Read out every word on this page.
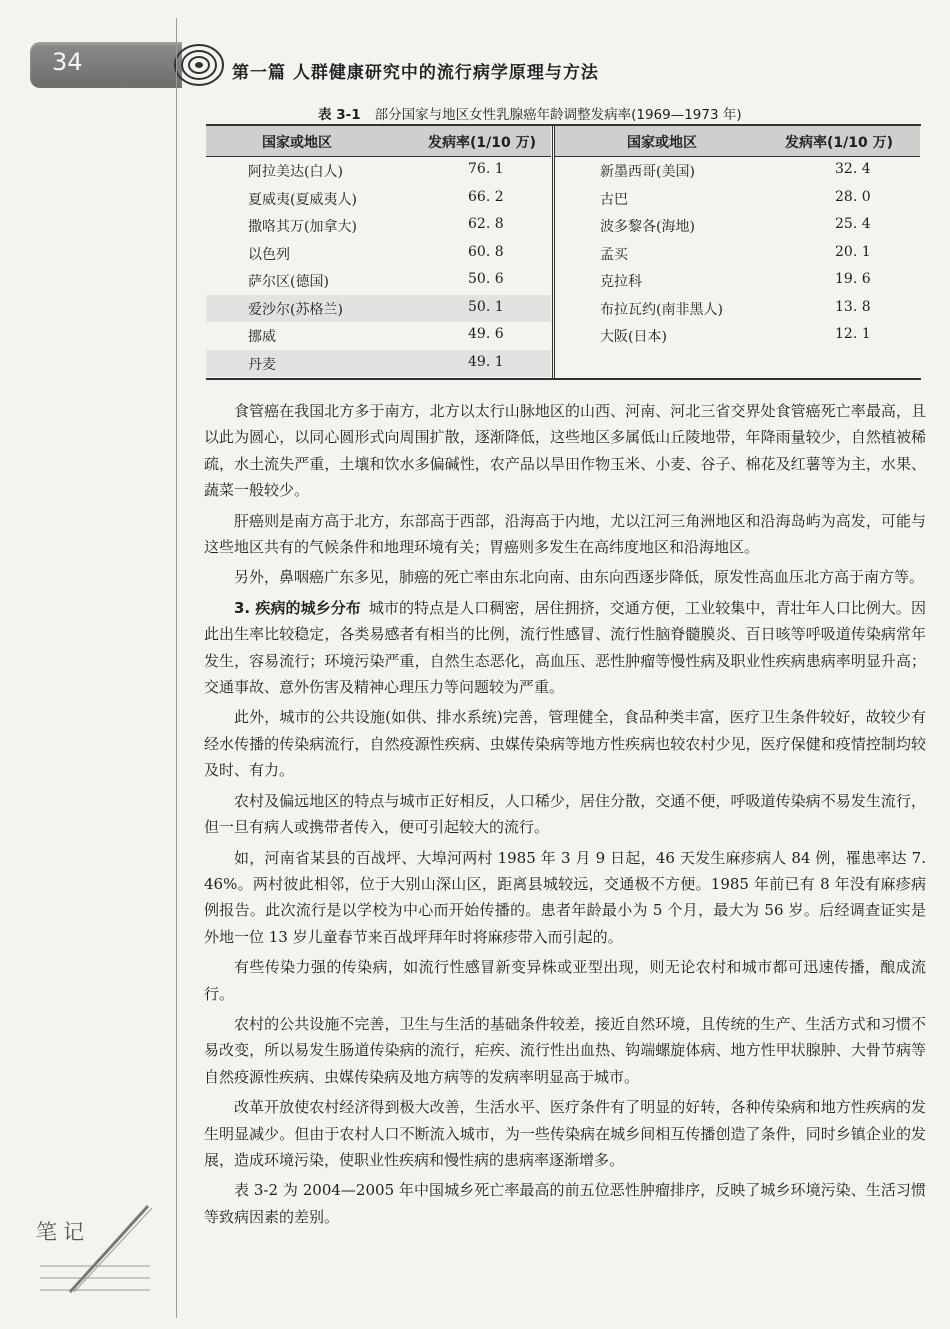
34	第一篇 人群健康研究中的流行病学原理与方法
表 3-1 部分国家与地区女性乳腺癌年龄调整发病率(1969—1973 年)
国家或地区	发病率(1/10 万)
阿拉美达(白人)	76. 1
夏威夷(夏威夷人)	66. 2
撒咯其万(加拿大)	62. 8
以色列	60. 8
萨尔区(德国)	50. 6
爱沙尔(苏格兰)	50. 1
挪威	49. 6
丹麦	49. 1
国家或地区	发病率(1/10 万)
新墨西哥(美国)	32. 4
古巴	28. 0
波多黎各(海地)	25. 4
孟买	20. 1
克拉科	19. 6
布拉瓦约(南非黑人)	13. 8
大阪(日本)	12. 1

食管癌在我国北方多于南方，北方以太行山脉地区的山西、河南、河北三省交界处食管癌死亡率最高，且以此为圆心，以同心圆形式向周围扩散，逐渐降低，这些地区多属低山丘陵地带，年降雨量较少，自然植被稀疏，水土流失严重，土壤和饮水多偏碱性，农产品以旱田作物玉米、小麦、谷子、棉花及红薯等为主，水果、蔬菜一般较少。

肝癌则是南方高于北方，东部高于西部，沿海高于内地，尤以江河三角洲地区和沿海岛屿为高发，可能与这些地区共有的气候条件和地理环境有关；胃癌则多发生在高纬度地区和沿海地区。

另外，鼻咽癌广东多见，肺癌的死亡率由东北向南、由东向西逐步降低，原发性高血压北方高于南方等。

3. 疾病的城乡分布 城市的特点是人口稠密，居住拥挤，交通方便，工业较集中，青壮年人口比例大。因此出生率比较稳定，各类易感者有相当的比例，流行性感冒、流行性脑脊髓膜炎、百日咳等呼吸道传染病常年发生，容易流行；环境污染严重，自然生态恶化，高血压、恶性肿瘤等慢性病及职业性疾病患病率明显升高；交通事故、意外伤害及精神心理压力等问题较为严重。

此外，城市的公共设施(如供、排水系统)完善，管理健全，食品种类丰富，医疗卫生条件较好，故较少有经水传播的传染病流行，自然疫源性疾病、虫媒传染病等地方性疾病也较农村少见，医疗保健和疫情控制均较及时、有力。

农村及偏远地区的特点与城市正好相反，人口稀少，居住分散，交通不便，呼吸道传染病不易发生流行，但一旦有病人或携带者传入，便可引起较大的流行。

如，河南省某县的百战坪、大埠河两村 1985 年 3 月 9 日起，46 天发生麻疹病人 84 例，罹患率达 7. 46%。两村彼此相邻，位于大别山深山区，距离县城较远，交通极不方便。1985 年前已有 8 年没有麻疹病例报告。此次流行是以学校为中心而开始传播的。患者年龄最小为 5 个月，最大为 56 岁。后经调查证实是外地一位 13 岁儿童春节来百战坪拜年时将麻疹带入而引起的。

有些传染力强的传染病，如流行性感冒新变异株或亚型出现，则无论农村和城市都可迅速传播，酿成流行。

农村的公共设施不完善，卫生与生活的基础条件较差，接近自然环境，且传统的生产、生活方式和习惯不易改变，所以易发生肠道传染病的流行，疟疾、流行性出血热、钩端螺旋体病、地方性甲状腺肿、大骨节病等自然疫源性疾病、虫媒传染病及地方病等的发病率明显高于城市。

改革开放使农村经济得到极大改善，生活水平、医疗条件有了明显的好转，各种传染病和地方性疾病的发生明显减少。但由于农村人口不断流入城市，为一些传染病在城乡间相互传播创造了条件，同时乡镇企业的发展，造成环境污染，使职业性疾病和慢性病的患病率逐渐增多。

表 3-2 为 2004—2005 年中国城乡死亡率最高的前五位恶性肿瘤排序，反映了城乡环境污染、生活习惯等致病因素的差别。

笔记
